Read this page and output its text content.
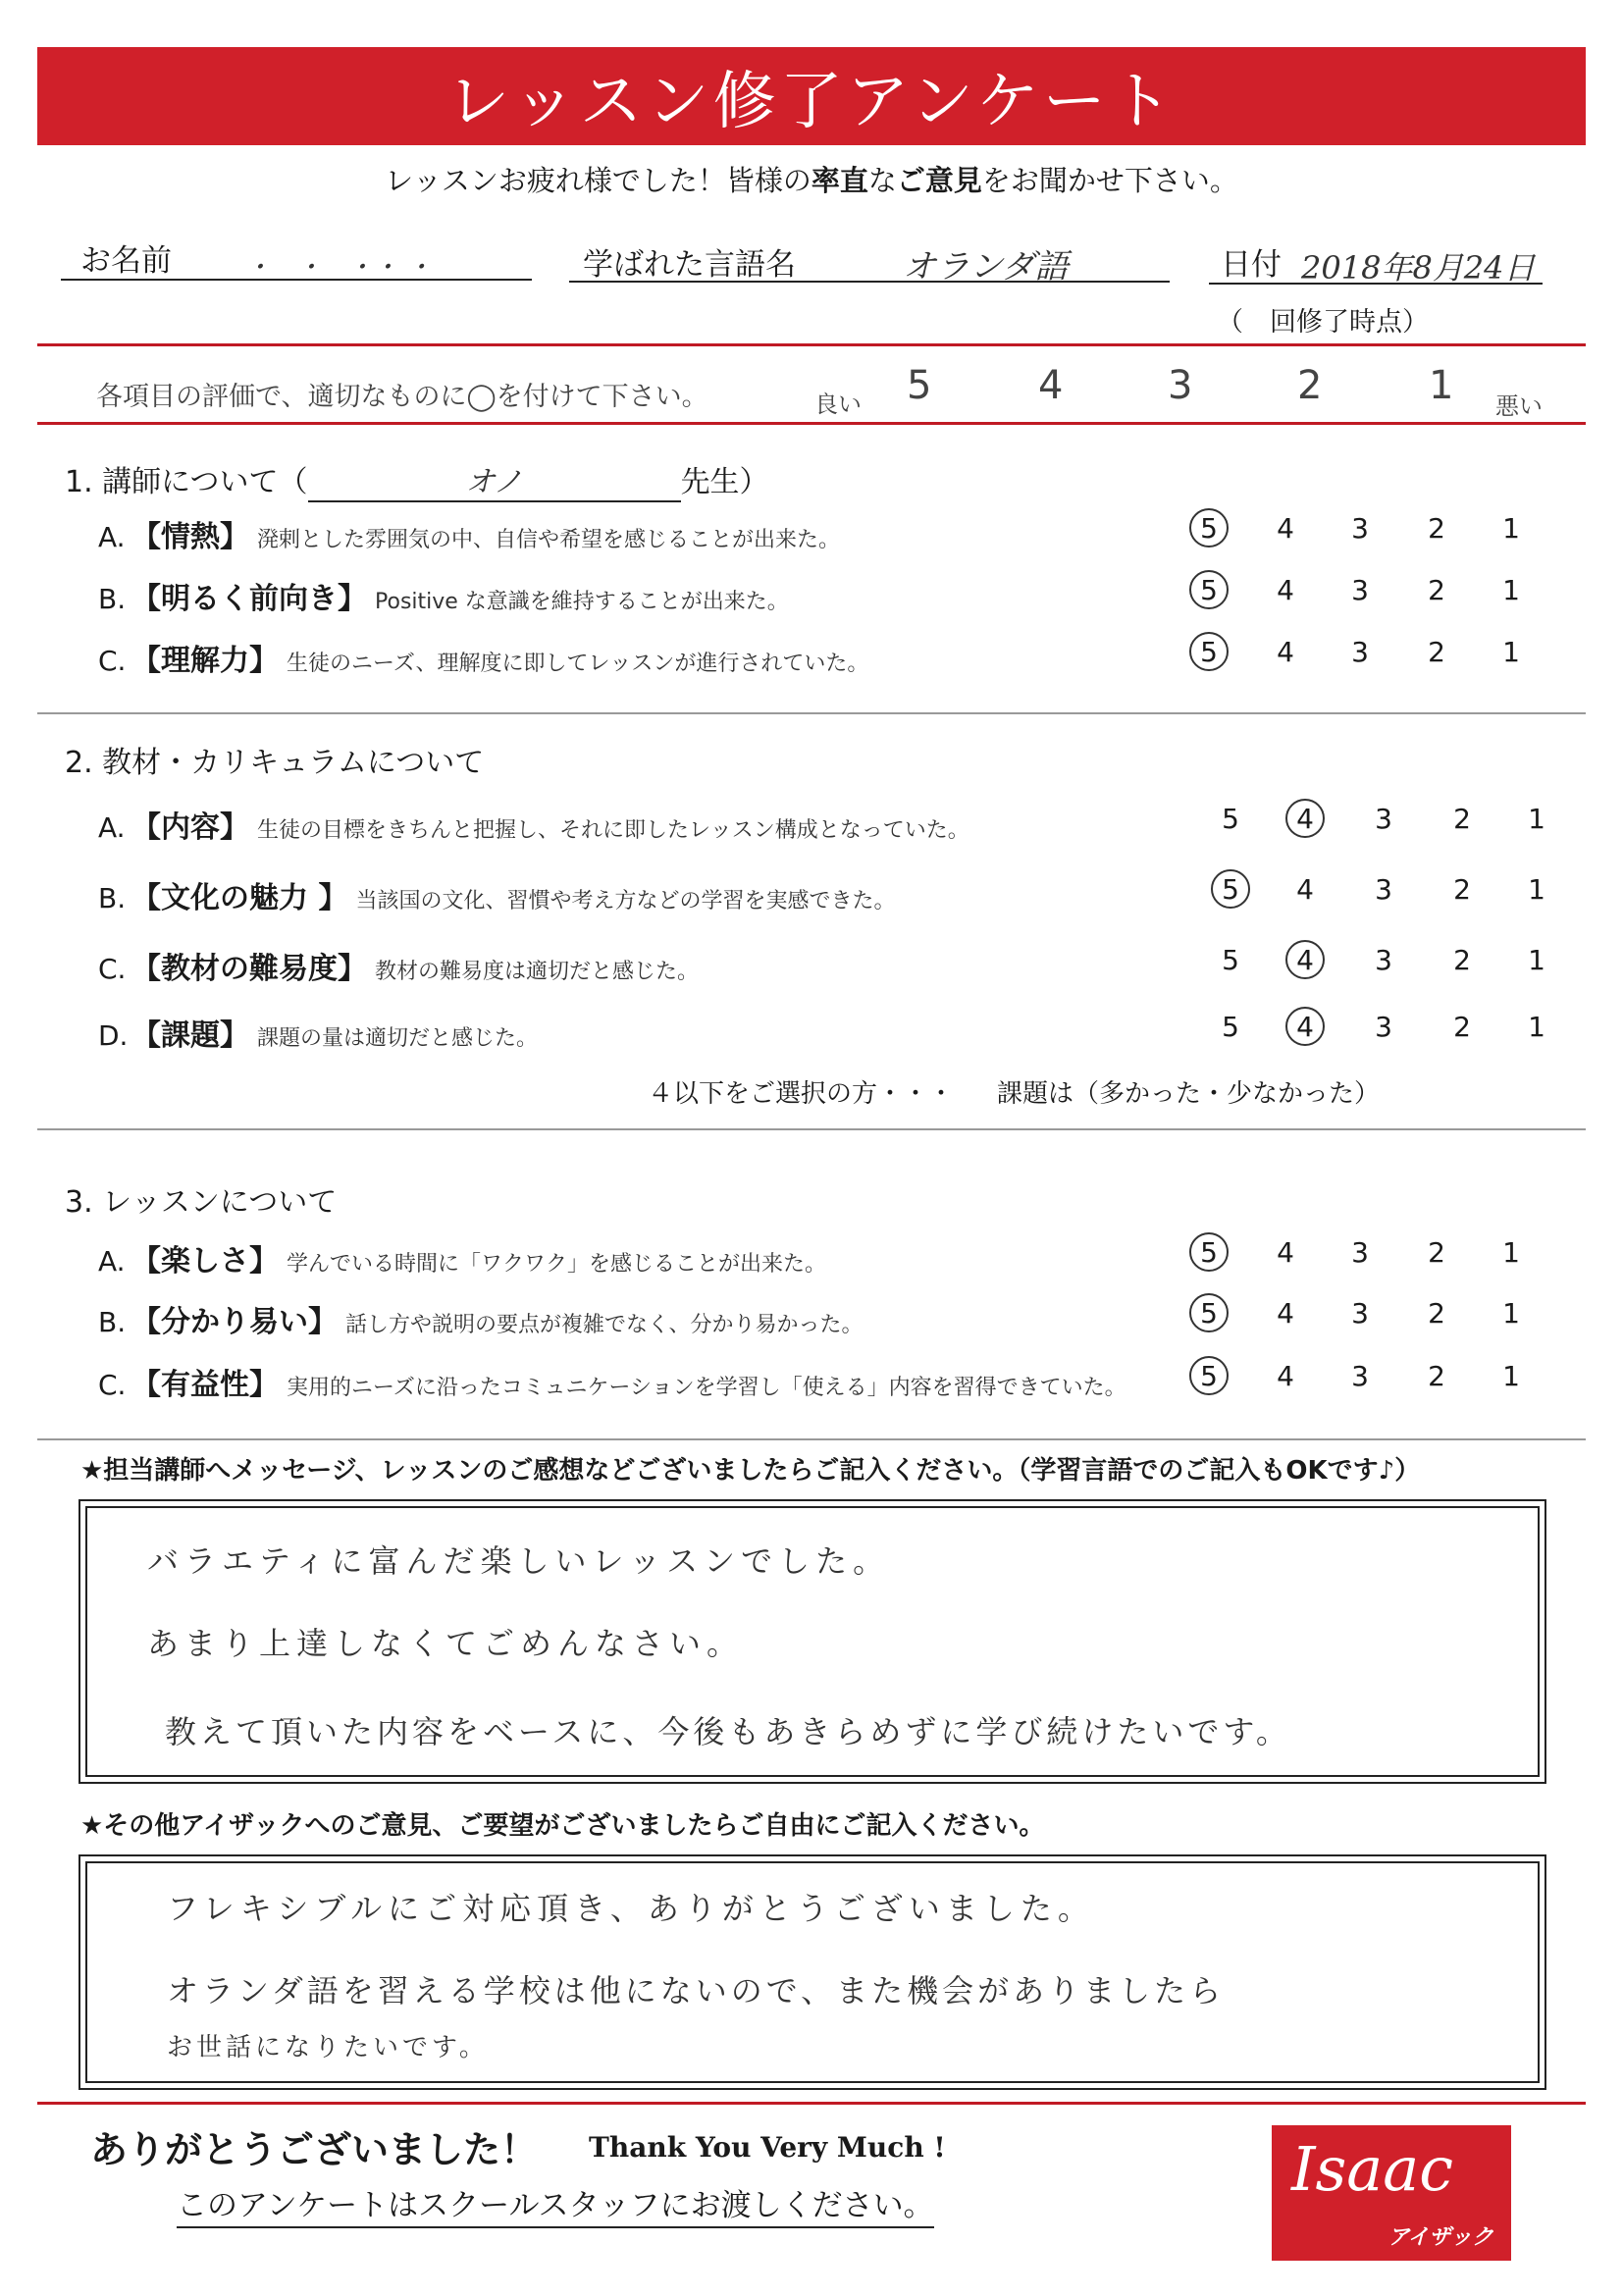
レッスン修了アンケート
レッスンお疲れ様でした！皆様の率直なご意見をお聞かせ下さい。
お名前	・　・　・・ ・	学ばれた言語名	オランダ語	日付 2018年8月24日
（　回修了時点）
各項目の評価で、適切なものに◯を付けて下さい。	良い 5	4	3	2	1 悪い
1. 講師について（	オノ	先生）
A. 【情熱】 溌剌とした雰囲気の中、自信や希望を感じることが出来た。	5	4	3	2	1
B. 【明るく前向き】 Positive な意識を維持することが出来た。	5	4	3	2	1
C. 【理解力】 生徒のニーズ、理解度に即してレッスンが進行されていた。	5	4	3	2	1
2. 教材・カリキュラムについて
A. 【内容】 生徒の目標をきちんと把握し、それに即したレッスン構成となっていた。	5	4	3	2	1
B. 【文化の魅力 】 当該国の文化、習慣や考え方などの学習を実感できた。	5	4	3	2	1
C. 【教材の難易度】 教材の難易度は適切だと感じた。	5	4	3	2	1
D. 【課題】 課題の量は適切だと感じた。	5	4	3	2	1
４以下をご選択の方・・・ 課題は（多かった・少なかった）
3. レッスンについて
A. 【楽しさ】 学んでいる時間に「ワクワク」を感じることが出来た。	5	4	3	2	1
B. 【分かり易い】 話し方や説明の要点が複雑でなく、分かり易かった。	5	4	3	2	1
C. 【有益性】 実用的ニーズに沿ったコミュニケーションを学習し「使える」内容を習得できていた。	5	4	3	2	1
★担当講師へメッセージ、レッスンのご感想などございましたらご記入ください。（学習言語でのご記入もOKです♪）
バラエティに富んだ楽しいレッスンでした。
あまり上達しなくてごめんなさい。
教えて頂いた内容をベースに、今後もあきらめずに学び続けたいです。
★その他アイザックへのご意見、ご要望がございましたらご自由にご記入ください。
フレキシブルにご対応頂き、ありがとうございました。
オランダ語を習える学校は他にないので、また機会がありましたら
お世話になりたいです。
ありがとうございました！ Thank You Very Much !
このアンケートはスクールスタッフにお渡しください。
Isaac
アイザック
